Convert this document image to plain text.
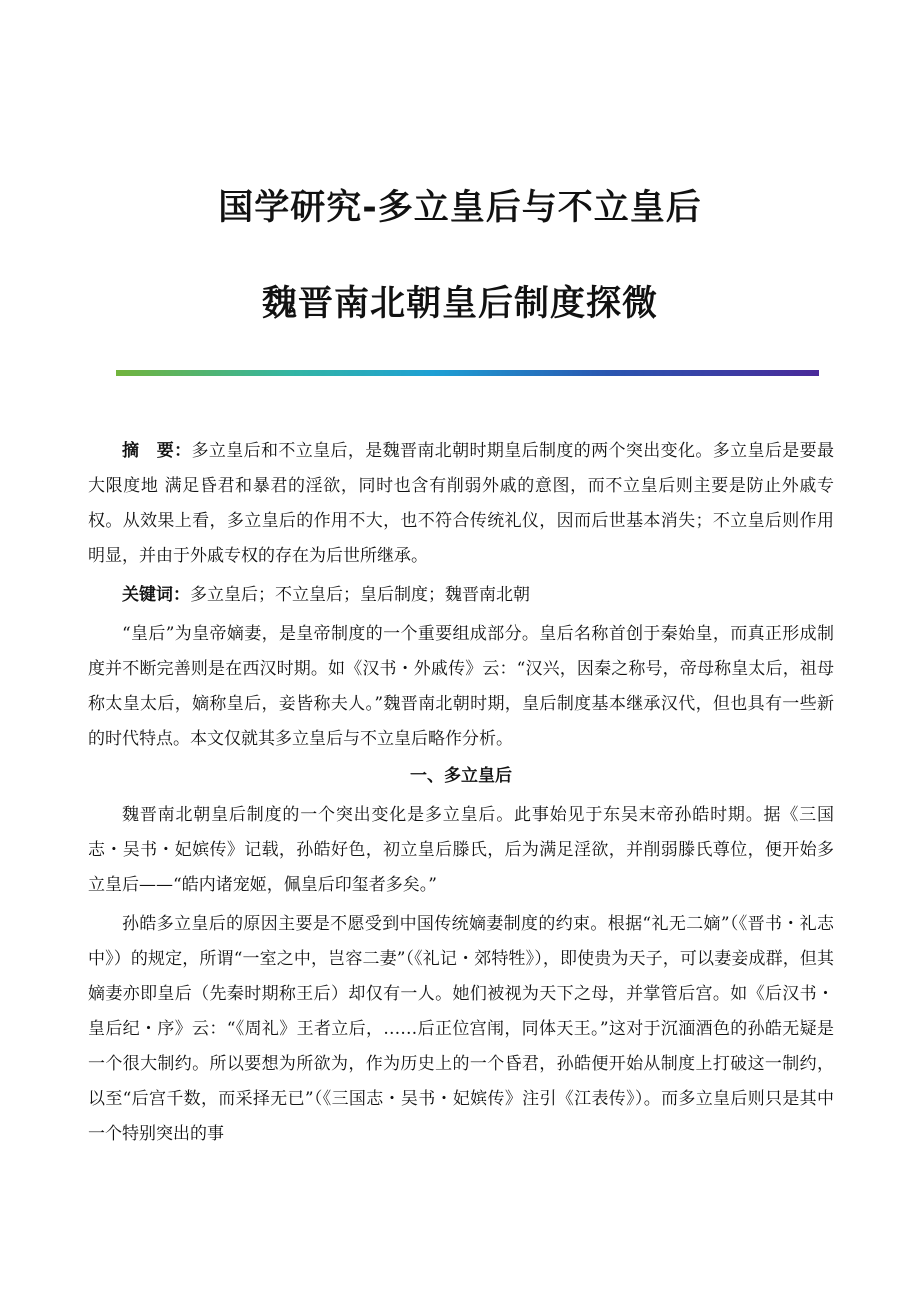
国学研究-多立皇后与不立皇后
魏晋南北朝皇后制度探微

摘　要：多立皇后和不立皇后，是魏晋南北朝时期皇后制度的两个突出变化。多立皇后是要最大限度地 满足昏君和暴君的淫欲，同时也含有削弱外戚的意图，而不立皇后则主要是防止外戚专权。从效果上看，多立皇后的作用不大，也不符合传统礼仪，因而后世基本消失；不立皇后则作用明显，并由于外戚专权的存在为后世所继承。

关键词：多立皇后；不立皇后；皇后制度；魏晋南北朝

“皇后”为皇帝嫡妻，是皇帝制度的一个重要组成部分。皇后名称首创于秦始皇，而真正形成制度并不断完善则是在西汉时期。如《汉书・外戚传》云：“汉兴，因秦之称号，帝母称皇太后，祖母称太皇太后，嫡称皇后，妾皆称夫人。”魏晋南北朝时期，皇后制度基本继承汉代，但也具有一些新的时代特点。本文仅就其多立皇后与不立皇后略作分析。

一、多立皇后

魏晋南北朝皇后制度的一个突出变化是多立皇后。此事始见于东吴末帝孙皓时期。据《三国志・吴书・妃嫔传》记载，孙皓好色，初立皇后滕氏，后为满足淫欲，并削弱滕氏尊位，便开始多立皇后——“皓内诸宠姬，佩皇后印玺者多矣。”

孙皓多立皇后的原因主要是不愿受到中国传统嫡妻制度的约束。根据“礼无二嫡”（《晋书・礼志中》）的规定，所谓“一室之中，岂容二妻”（《礼记・郊特牲》），即使贵为天子，可以妻妾成群，但其嫡妻亦即皇后（先秦时期称王后）却仅有一人。她们被视为天下之母，并掌管后宫。如《后汉书・皇后纪・序》云：“《周礼》王者立后，……后正位宫闱，同体天王。”这对于沉湎酒色的孙皓无疑是一个很大制约。所以要想为所欲为，作为历史上的一个昏君，孙皓便开始从制度上打破这一制约，以至“后宫千数，而采择无已”（《三国志・吴书・妃嫔传》注引《江表传》）。而多立皇后则只是其中一个特别突出的事
